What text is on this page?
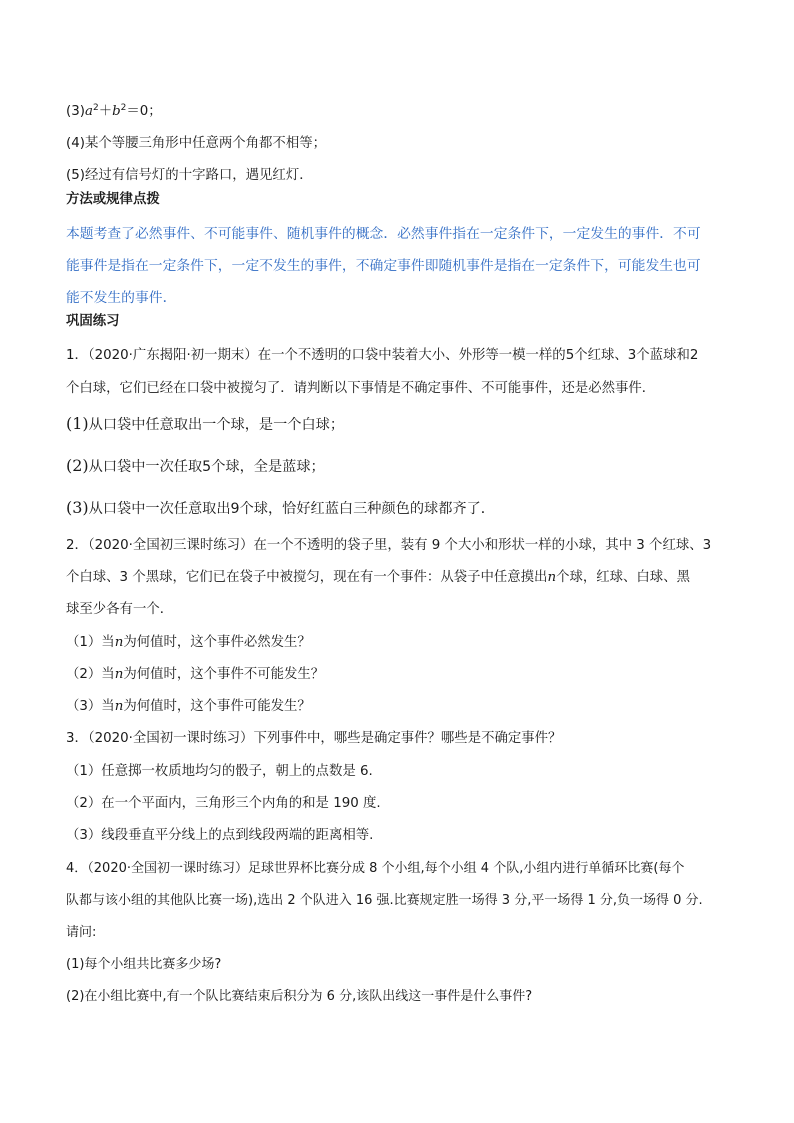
$(3)a^2+b^2=0$；
(4)某个等腰三角形中任意两个角都不相等；
(5)经过有信号灯的十字路口，遇见红灯．
方法或规律点拨
本题考查了必然事件、不可能事件、随机事件的概念．必然事件指在一定条件下，一定发生的事件．不可
能事件是指在一定条件下，一定不发生的事件，不确定事件即随机事件是指在一定条件下，可能发生也可
能不发生的事件．
巩固练习
1．（2020·广东揭阳·初一期末）在一个不透明的口袋中装着大小、外形等一模一样的5个红球、3个蓝球和2
个白球，它们已经在口袋中被搅匀了．请判断以下事情是不确定事件、不可能事件，还是必然事件．
(1)从口袋中任意取出一个球，是一个白球；
(2)从口袋中一次任取5个球，全是蓝球；
(3)从口袋中一次任意取出9个球，恰好红蓝白三种颜色的球都齐了．
2．（2020·全国初三课时练习）在一个不透明的袋子里，装有 9 个大小和形状一样的小球，其中 3 个红球、3
个白球、3 个黑球，它们已在袋子中被搅匀，现在有一个事件：从袋子中任意摸出n个球，红球、白球、黑
球至少各有一个．
（1）当n为何值时，这个事件必然发生？
（2）当n为何值时，这个事件不可能发生？
（3）当n为何值时，这个事件可能发生？
3．（2020·全国初一课时练习）下列事件中，哪些是确定事件？哪些是不确定事件？
（1）任意掷一枚质地均匀的骰子，朝上的点数是 6.
（2）在一个平面内，三角形三个内角的和是 190 度.
（3）线段垂直平分线上的点到线段两端的距离相等.
4．（2020·全国初一课时练习）足球世界杯比赛分成 8 个小组,每个小组 4 个队,小组内进行单循环比赛(每个
队都与该小组的其他队比赛一场),选出 2 个队进入 16 强.比赛规定胜一场得 3 分,平一场得 1 分,负一场得 0 分.
请问:
(1)每个小组共比赛多少场?
(2)在小组比赛中,有一个队比赛结束后积分为 6 分,该队出线这一事件是什么事件?
